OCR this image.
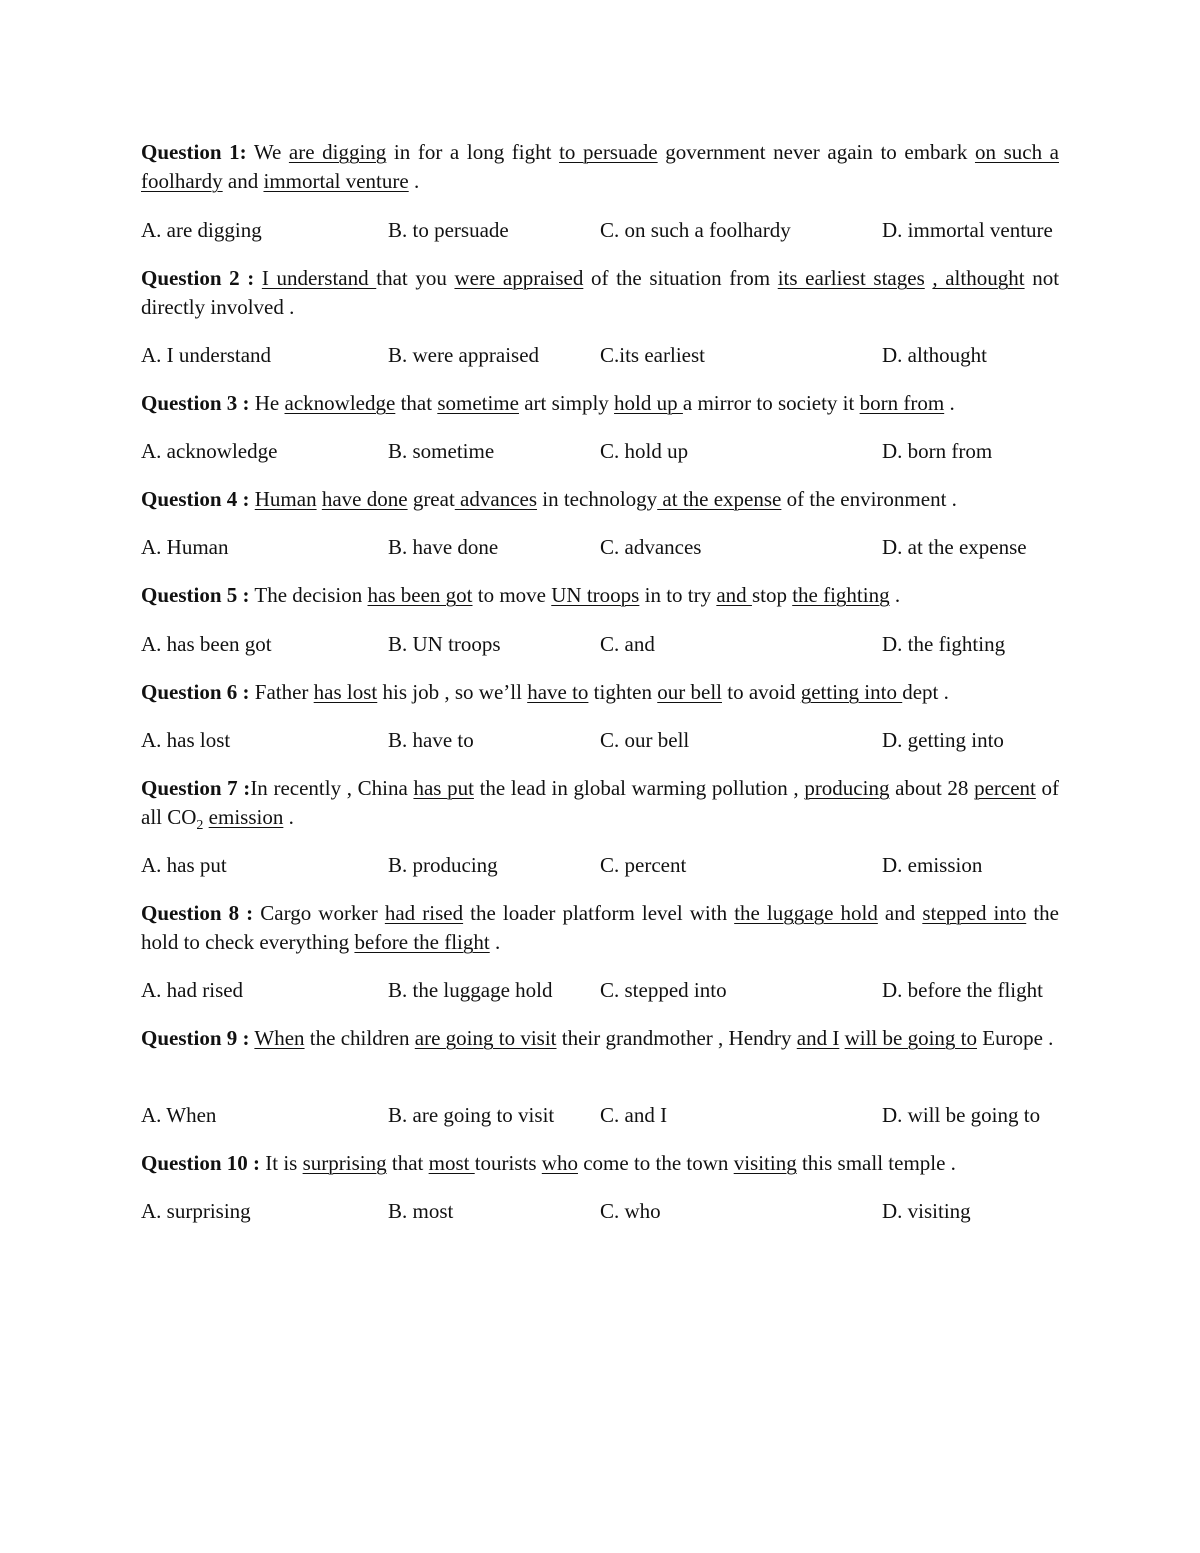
Question 1: We are digging in for a long fight to persuade government never again to embark on such a foolhardy and immortal venture .
A. are digging	B. to persuade	C. on such a foolhardy	D. immortal venture
Question 2 : I understand that you were appraised of the situation from its earliest stages , althought not directly involved .
A. I understand	B. were appraised	C.its earliest	D. althought
Question 3 : He acknowledge that sometime art simply hold up a mirror to society it born from .
A. acknowledge	B. sometime	C. hold up	D. born from
Question 4 : Human have done great advances in technology at the expense of the environment .
A. Human	B. have done	C. advances	D. at the expense
Question 5 : The decision has been got to move UN troops in to try and stop the fighting .
A. has been got	B. UN troops	C. and	D. the fighting
Question 6 : Father has lost his job , so we’ll have to tighten our bell to avoid getting into dept .
A. has lost	B. have to	C. our bell	D. getting into
Question 7 :In recently , China has put the lead in global warming pollution , producing about 28 percent of all $CO_2$ emission .
A. has put	B. producing	C. percent	D. emission
Question 8 : Cargo worker had rised the loader platform level with the luggage hold and stepped into the hold to check everything before the flight .
A. had rised	B. the luggage hold C. stepped into	D. before the flight
Question 9 : When the children are going to visit their grandmother , Hendry and I will be going to Europe .
A. When	B. are going to visit C. and I	D. will be going to
Question 10 : It is surprising that most tourists who come to the town visiting this small temple .
A. surprising	B. most	C. who	D. visiting
